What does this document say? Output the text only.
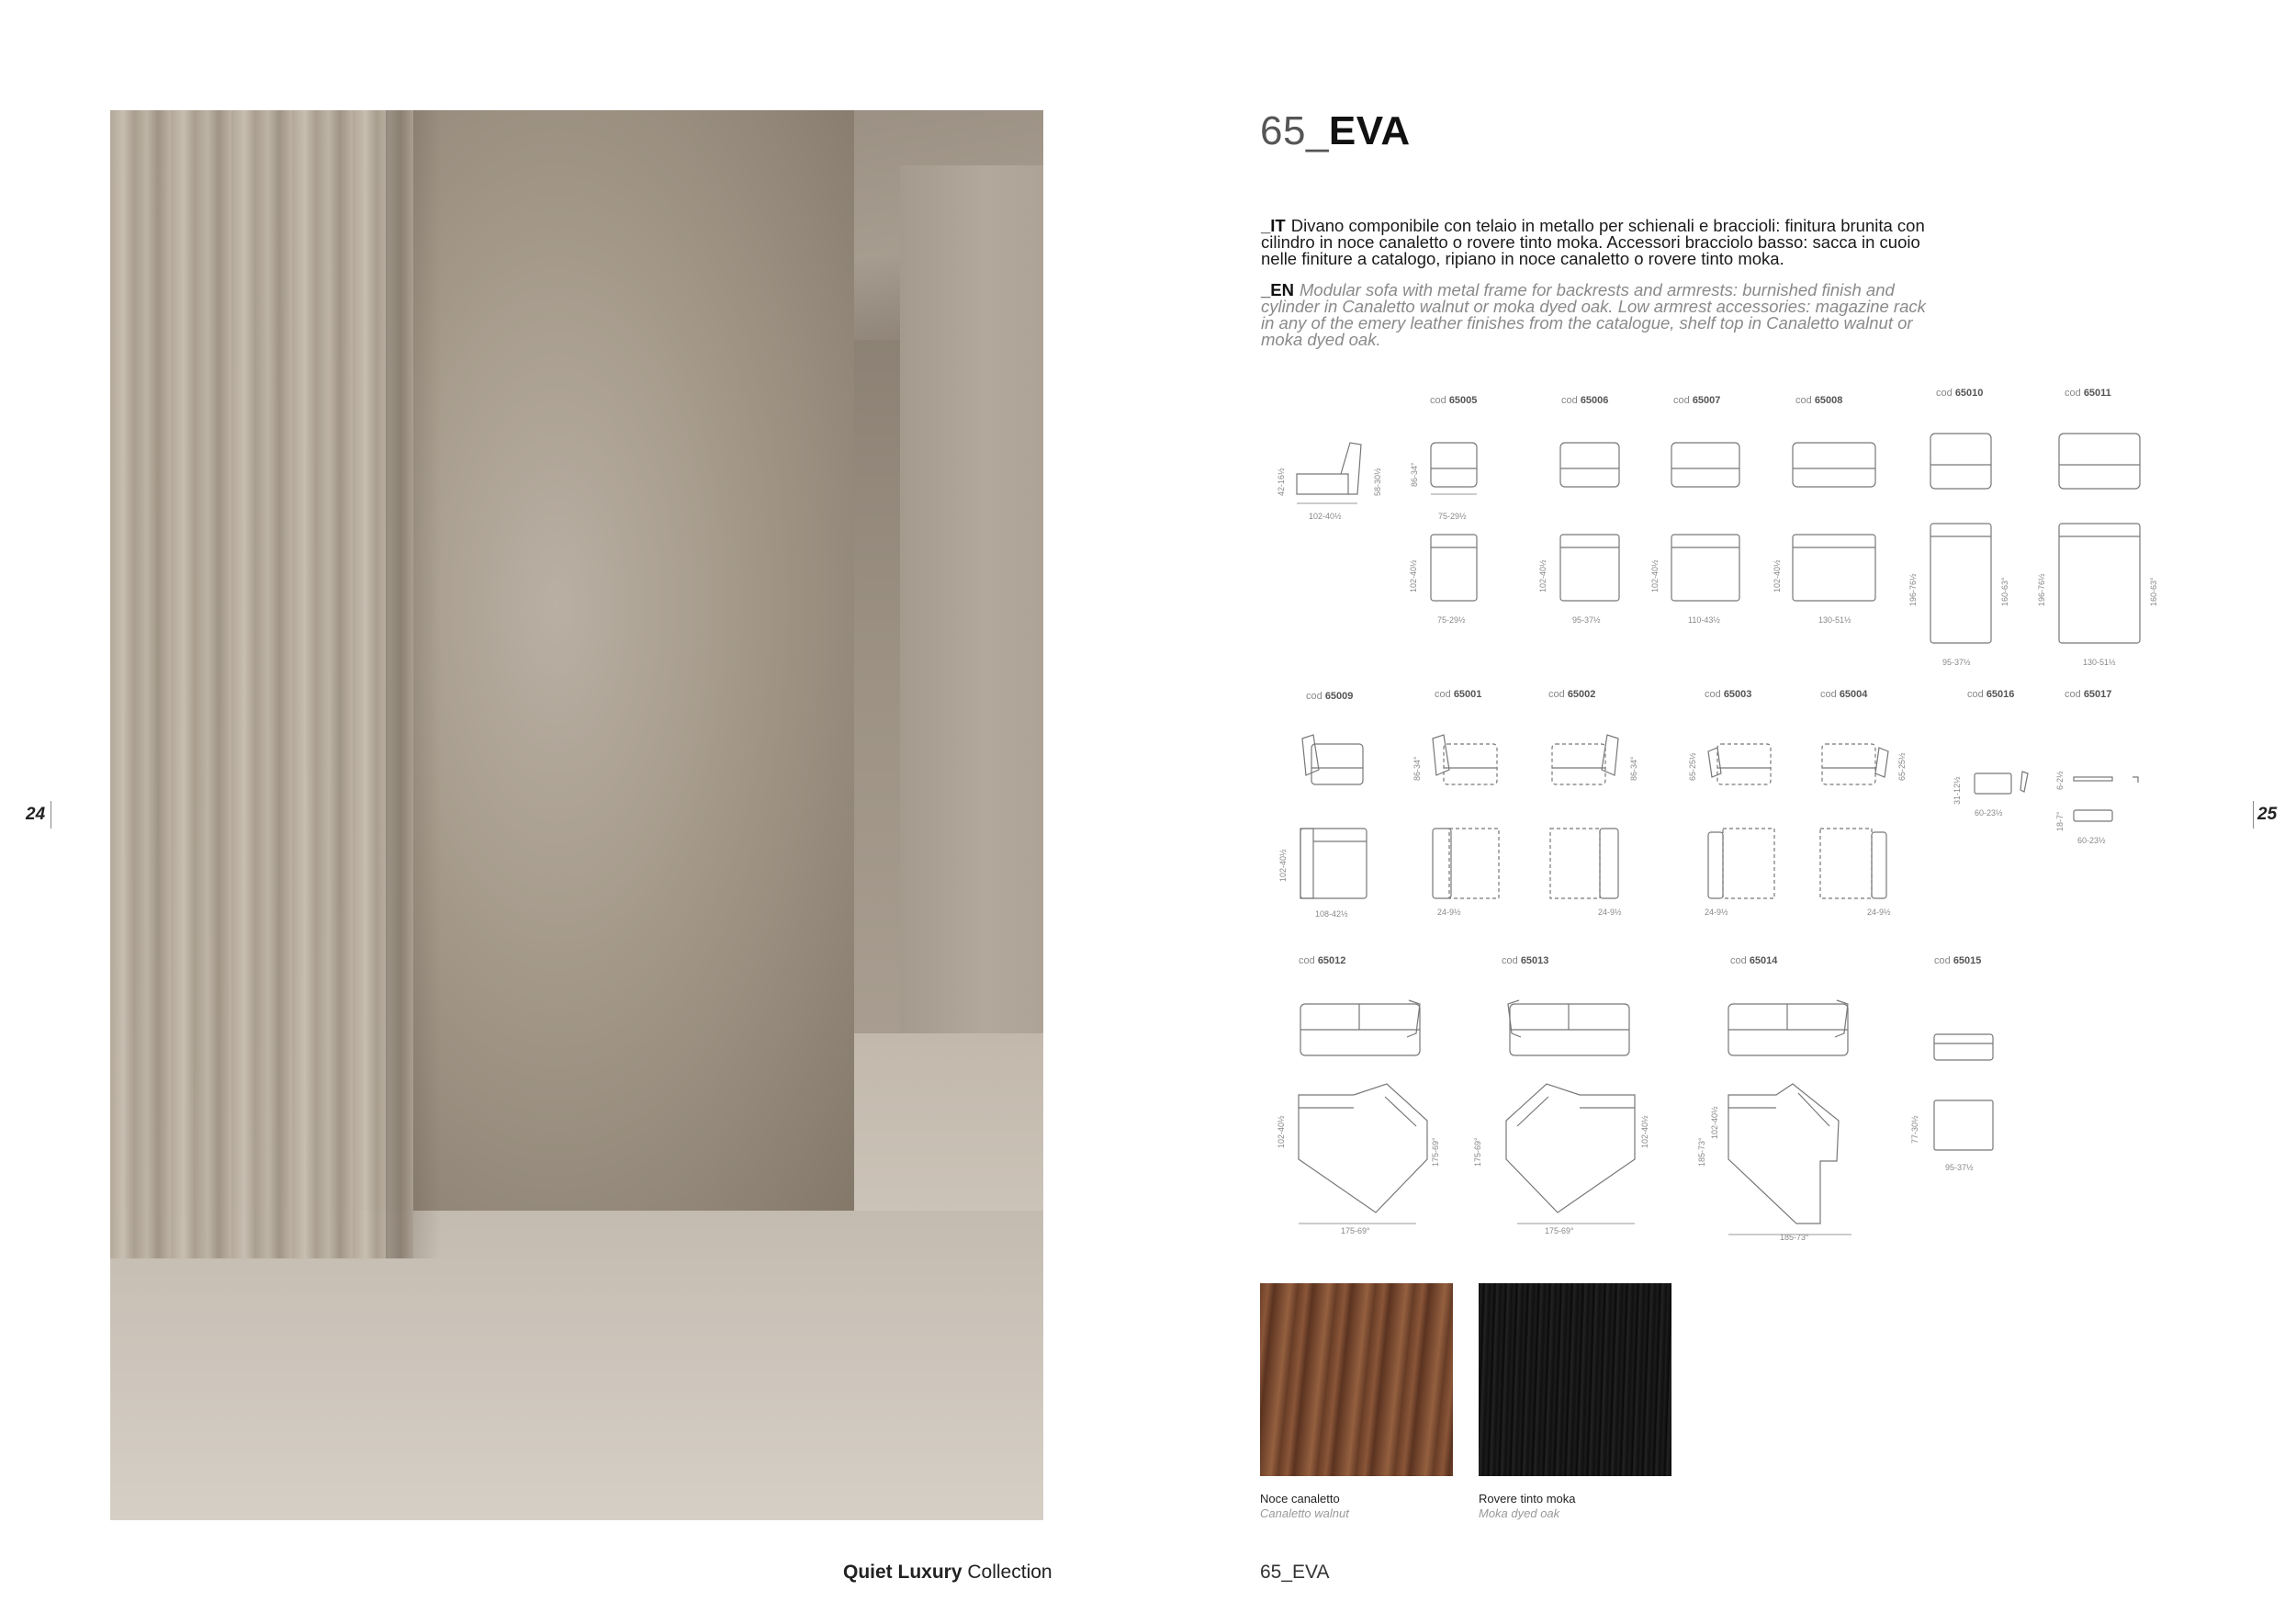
24	25
Quiet Luxury Collection	65_EVA
65_EVA
_IT Divano componibile con telaio in metallo per schienali e braccioli: finitura brunita con cilindro in noce canaletto o rovere tinto moka. Accessori bracciolo basso: sacca in cuoio nelle finiture a catalogo, ripiano in noce canaletto o rovere tinto moka.
_EN Modular sofa with metal frame for backrests and armrests: burnished finish and cylinder in Canaletto walnut or moka dyed oak. Low armrest accessories: magazine rack in any of the emery leather finishes from the catalogue, shelf top in Canaletto walnut or moka dyed oak.
cod 65005	cod 65006	cod 65007	cod 65008
cod 65010	cod 65011
42-16½
102-40½
58-30½	86-34°
75-29½
102-40½
75-29½
102-40½
95-37½
102-40½
110-43½
102-40½
130-51½
196-76½	160-63°
95-37½
196-76½	160-63°
130-51½
cod 65009	cod 65001	cod 65002	cod 65003	cod 65004	cod 65016	cod 65017
102-40½
108-42½
86-34°
24-9½
86-34°
24-9½
65-25½
24-9½
65-25½
24-9½
31-12½
60-23½
6-2½
18-7°
60-23½
cod 65012	cod 65013	cod 65014	cod 65015
102-40½
175-69°
175-69°
175-69°
102-40½
175-69°
185-73°
102-40½
185-73°
77-30½
95-37½
Noce canaletto
Canaletto walnut
Rovere tinto moka
Moka dyed oak
